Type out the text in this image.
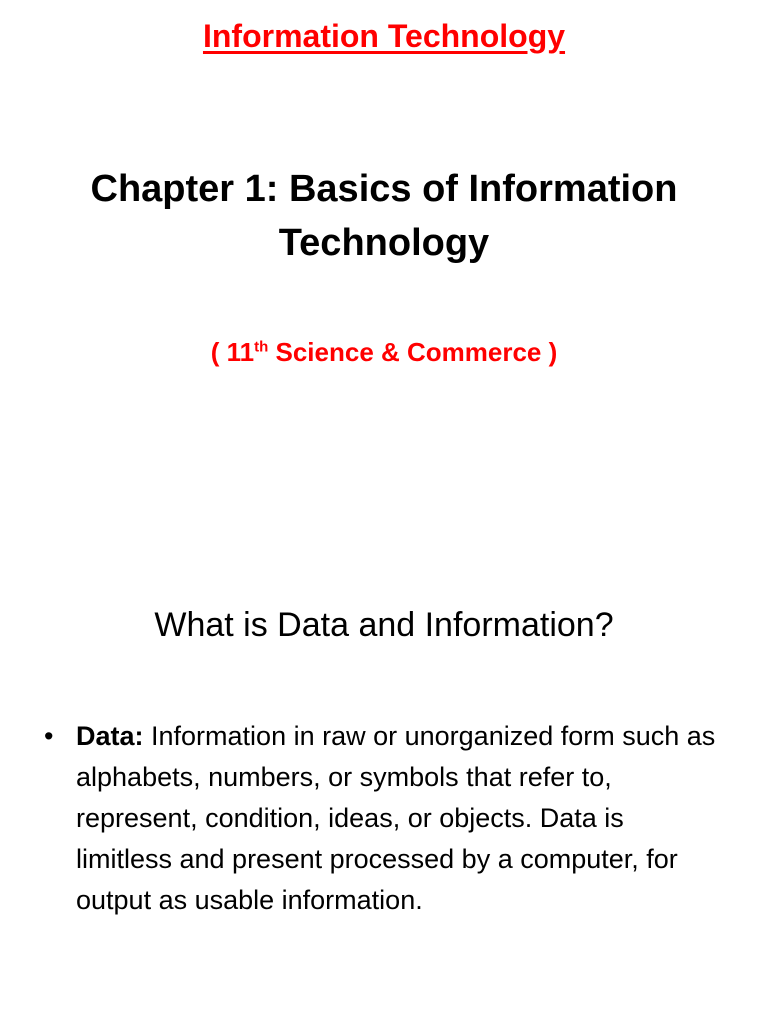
Information Technology
Chapter 1: Basics of Information Technology
( 11th Science & Commerce )
What is Data and Information?
• Data: Information in raw or unorganized form such as alphabets, numbers, or symbols that refer to, represent, condition, ideas, or objects. Data is limitless and present processed by a computer, for output as usable information.
